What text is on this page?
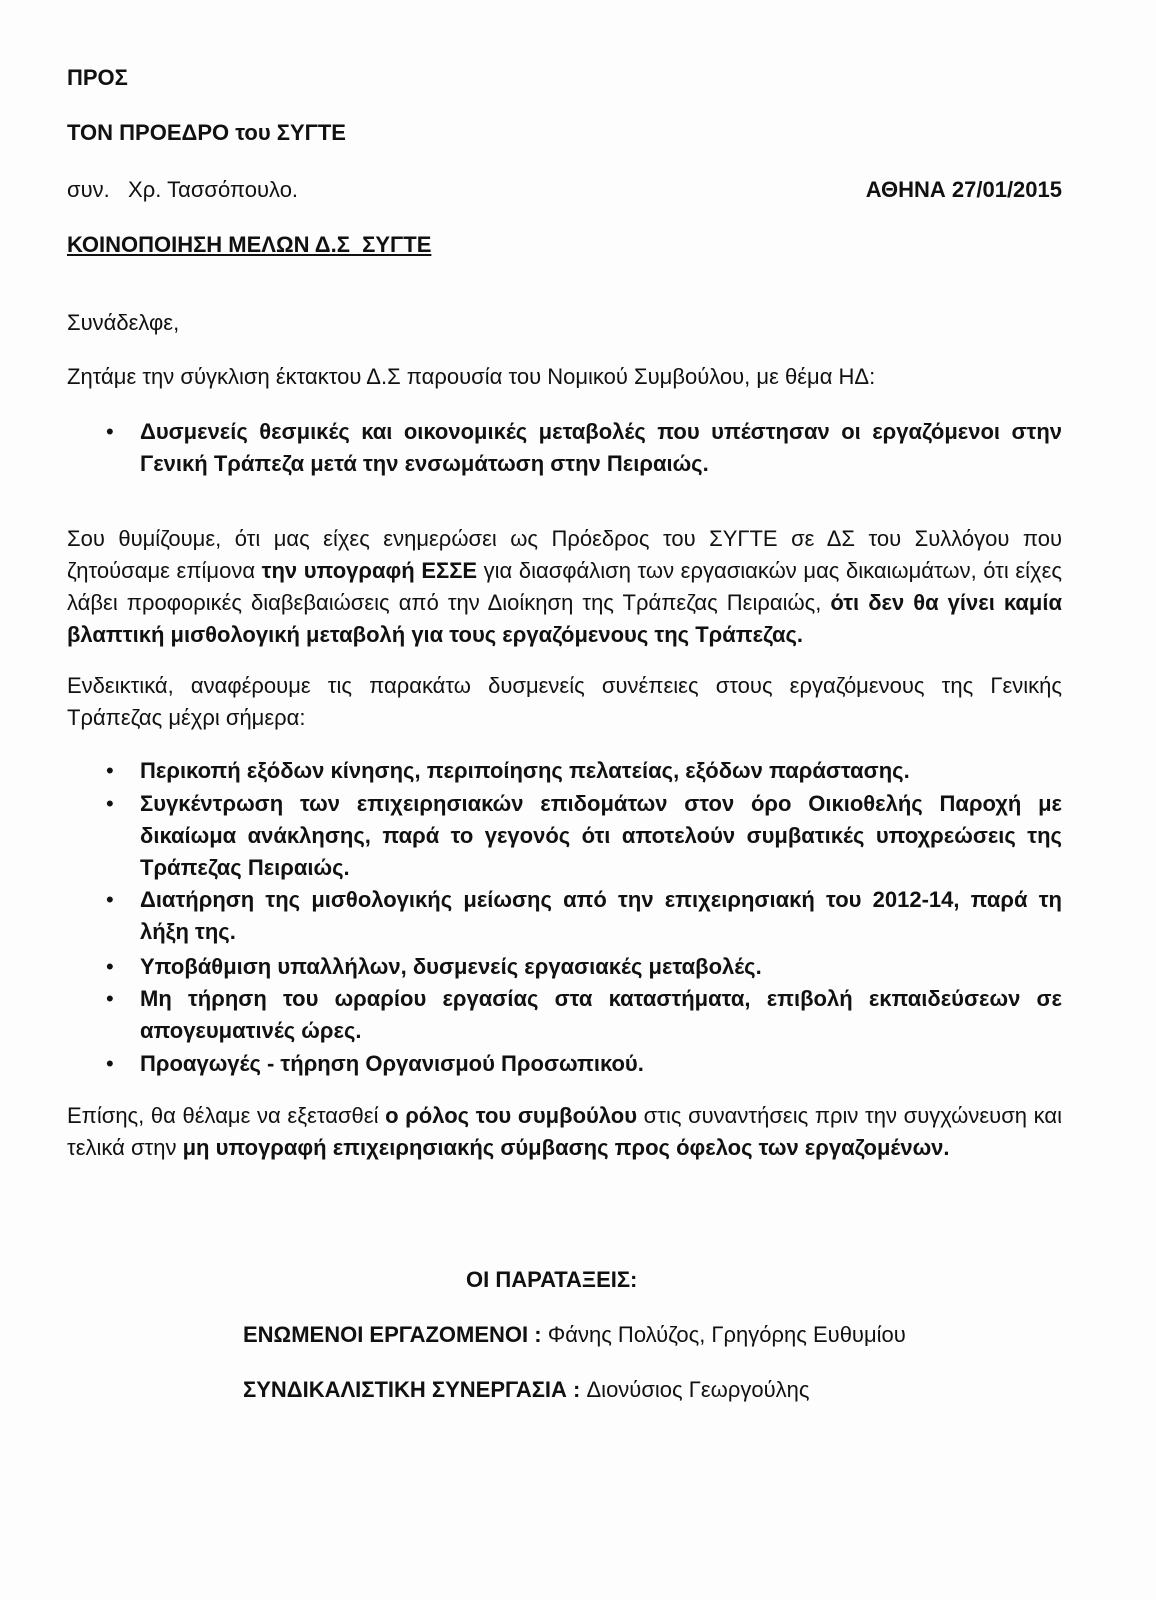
ΠΡΟΣ
ΤΟΝ ΠΡΟΕΔΡΟ του ΣΥΓΤΕ
συν.   Χρ. Τασσόπουλο.	ΑΘΗΝΑ 27/01/2015
ΚΟΙΝΟΠΟΙΗΣΗ ΜΕΛΩΝ Δ.Σ  ΣΥΓΤΕ
Συνάδελφε,
Ζητάμε την σύγκλιση έκτακτου Δ.Σ παρουσία του Νομικού Συμβούλου, με θέμα ΗΔ:
• Δυσμενείς θεσμικές και οικονομικές μεταβολές που υπέστησαν οι εργαζόμενοι στην Γενική Τράπεζα μετά την ενσωμάτωση στην Πειραιώς.
Σου θυμίζουμε, ότι μας είχες ενημερώσει ως Πρόεδρος του ΣΥΓΤΕ σε ΔΣ του Συλλόγου που ζητούσαμε επίμονα την υπογραφή ΕΣΣΕ για διασφάλιση των εργασιακών μας δικαιωμάτων, ότι είχες λάβει προφορικές διαβεβαιώσεις από την Διοίκηση της Τράπεζας Πειραιώς, ότι δεν θα γίνει καμία βλαπτική μισθολογική μεταβολή για τους εργαζόμενους της Τράπεζας.
Ενδεικτικά, αναφέρουμε τις παρακάτω δυσμενείς συνέπειες στους εργαζόμενους της Γενικής Τράπεζας μέχρι σήμερα:
• Περικοπή εξόδων κίνησης, περιποίησης πελατείας, εξόδων παράστασης.
• Συγκέντρωση των επιχειρησιακών επιδομάτων στον όρο Οικιοθελής Παροχή με δικαίωμα ανάκλησης, παρά το γεγονός ότι αποτελούν συμβατικές υποχρεώσεις της Τράπεζας Πειραιώς.
• Διατήρηση της μισθολογικής μείωσης από την επιχειρησιακή του 2012-14, παρά τη λήξη της.
• Υποβάθμιση υπαλλήλων, δυσμενείς εργασιακές μεταβολές.
• Μη τήρηση του ωραρίου εργασίας στα καταστήματα, επιβολή εκπαιδεύσεων σε απογευματινές ώρες.
• Προαγωγές - τήρηση Οργανισμού Προσωπικού.
Επίσης, θα θέλαμε να εξετασθεί ο ρόλος του συμβούλου στις συναντήσεις πριν την συγχώνευση και τελικά στην μη υπογραφή επιχειρησιακής σύμβασης προς όφελος των εργαζομένων.
ΟΙ ΠΑΡΑΤΑΞΕΙΣ:
ΕΝΩΜΕΝΟΙ ΕΡΓΑΖΟΜΕΝΟΙ : Φάνης Πολύζος, Γρηγόρης Ευθυμίου
ΣΥΝΔΙΚΑΛΙΣΤΙΚΗ ΣΥΝΕΡΓΑΣΙΑ : Διονύσιος Γεωργούλης
